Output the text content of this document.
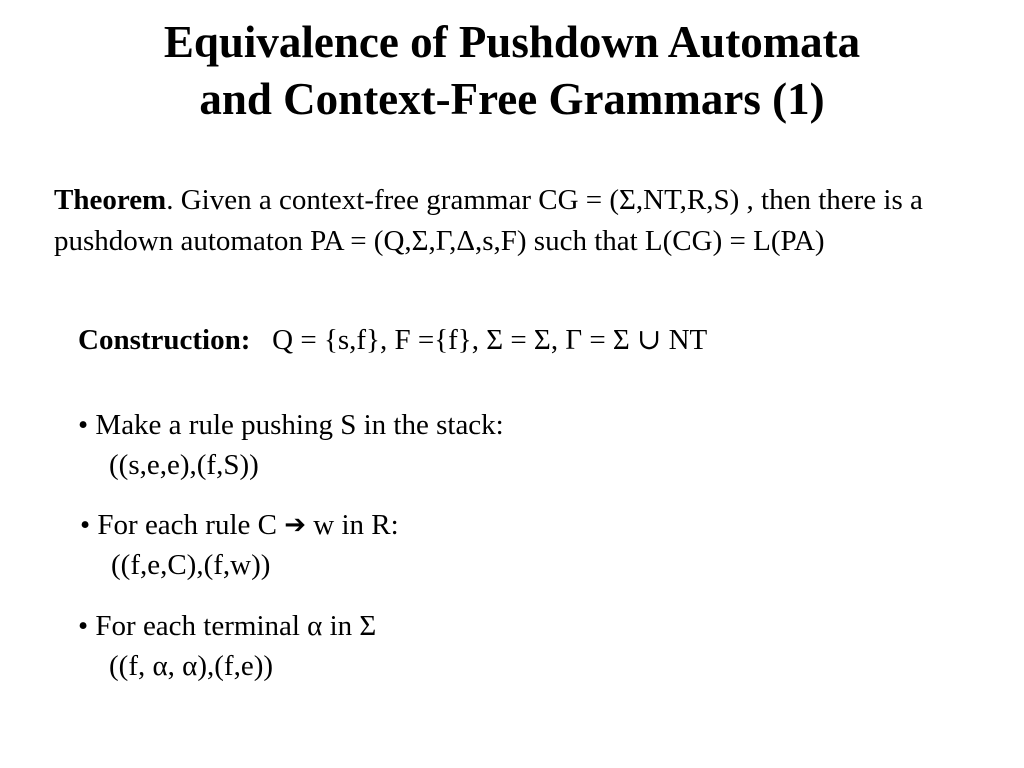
Equivalence of Pushdown Automata
and Context-Free Grammars (1)
Theorem. Given a context-free grammar CG = (Σ,NT,R,S) , then there is a pushdown automaton PA = (Q,Σ,Γ,Δ,s,F) such that L(CG) = L(PA)
Construction: Q = {s,f}, F ={f}, Σ = Σ, Γ = Σ ∪ NT
• Make a rule pushing S in the stack:
((s,e,e),(f,S))
• For each rule C ➔ w in R:
((f,e,C),(f,w))
• For each terminal α in Σ
((f, α, α),(f,e))
